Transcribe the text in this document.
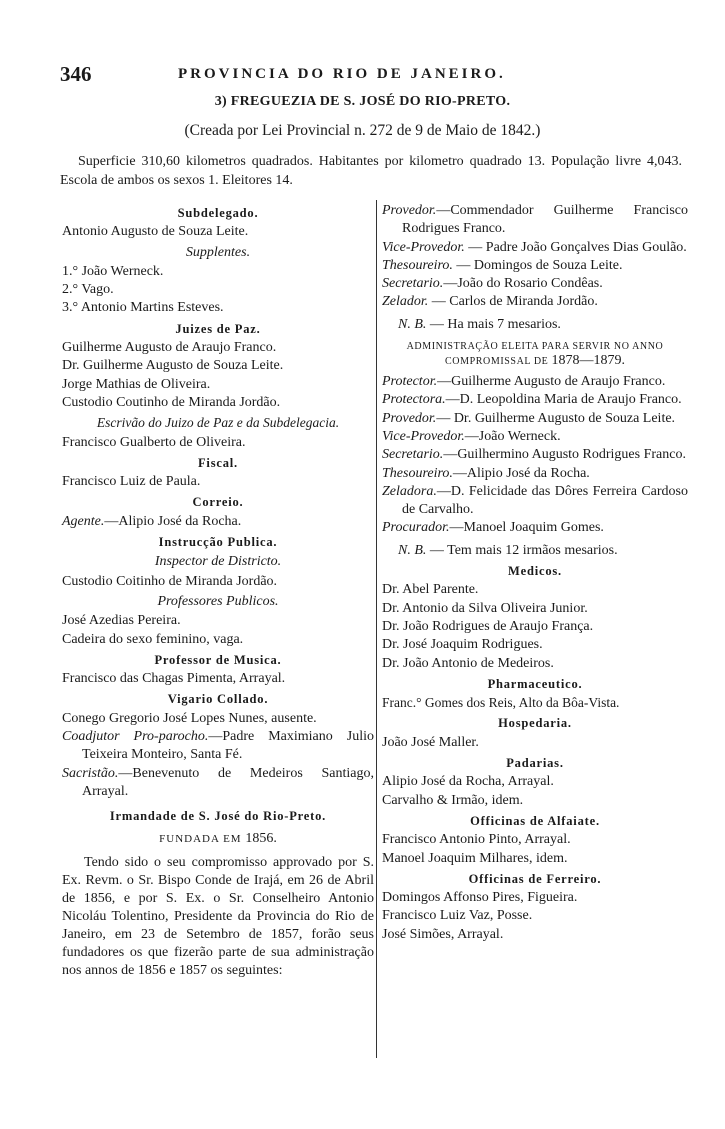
346	PROVINCIA DO RIO DE JANEIRO.
3) FREGUEZIA DE S. JOSÉ DO RIO-PRETO.
(Creada por Lei Provincial n. 272 de 9 de Maio de 1842.)
Superficie 310,60 kilometros quadrados. Habitantes por kilometro quadrado 13. População livre 4,043. Escola de ambos os sexos 1. Eleitores 14.
Subdelegado.
Antonio Augusto de Souza Leite.
Supplentes.
1.° João Werneck.
2.° Vago.
3.° Antonio Martins Esteves.
Juizes de Paz.
Guilherme Augusto de Araujo Franco.
Dr. Guilherme Augusto de Souza Leite.
Jorge Mathias de Oliveira.
Custodio Coutinho de Miranda Jordão.
Escrivão do Juizo de Paz e da Subdelegacia.
Francisco Gualberto de Oliveira.
Fiscal.
Francisco Luiz de Paula.
Correio.
Agente.—Alipio José da Rocha.
Instrucção Publica.
Inspector de Districto.
Custodio Coitinho de Miranda Jordão.
Professores Publicos.
José Azedias Pereira.
Cadeira do sexo feminino, vaga.
Professor de Musica.
Francisco das Chagas Pimenta, Arrayal.
Vigario Collado.
Conego Gregorio José Lopes Nunes, ausente.
Coadjutor Pro-parocho.—Padre Maximiano Julio Teixeira Monteiro, Santa Fé.
Sacristão.—Benevenuto de Medeiros Santiago, Arrayal.
Irmandade de S. José do Rio-Preto.
FUNDADA EM 1856.
Tendo sido o seu compromisso approvado por S. Ex. Revm. o Sr. Bispo Conde de Irajá, em 26 de Abril de 1856, e por S. Ex. o Sr. Conselheiro Antonio Nicoláu Tolentino, Presidente da Provincia do Rio de Janeiro, em 23 de Setembro de 1857, forão seus fundadores os que fizerão parte de sua administração nos annos de 1856 e 1857 os seguintes:
Provedor.—Commendador Guilherme Francisco Rodrigues Franco.
Vice-Provedor. — Padre João Gonçalves Dias Goulão.
Thesoureiro. — Domingos de Souza Leite.
Secretario.—João do Rosario Condêas.
Zelador. — Carlos de Miranda Jordão.
N. B. — Ha mais 7 mesarios.
ADMINISTRAÇÃO ELEITA PARA SERVIR NO ANNO COMPROMISSAL DE 1878—1879.
Protector.—Guilherme Augusto de Araujo Franco.
Protectora.—D. Leopoldina Maria de Araujo Franco.
Provedor.— Dr. Guilherme Augusto de Souza Leite.
Vice-Provedor.—João Werneck.
Secretario.—Guilhermino Augusto Rodrigues Franco.
Thesoureiro.—Alipio José da Rocha.
Zeladora.—D. Felicidade das Dôres Ferreira Cardoso de Carvalho.
Procurador.—Manoel Joaquim Gomes.
N. B. — Tem mais 12 irmãos mesarios.
Medicos.
Dr. Abel Parente.
Dr. Antonio da Silva Oliveira Junior.
Dr. João Rodrigues de Araujo França.
Dr. José Joaquim Rodrigues.
Dr. João Antonio de Medeiros.
Pharmaceutico.
Franc.° Gomes dos Reis, Alto da Bôa-Vista.
Hospedaria.
João José Maller.
Padarias.
Alipio José da Rocha, Arrayal.
Carvalho & Irmão, idem.
Officinas de Alfaiate.
Francisco Antonio Pinto, Arrayal.
Manoel Joaquim Milhares, idem.
Officinas de Ferreiro.
Domingos Affonso Pires, Figueira.
Francisco Luiz Vaz, Posse.
José Simões, Arrayal.
